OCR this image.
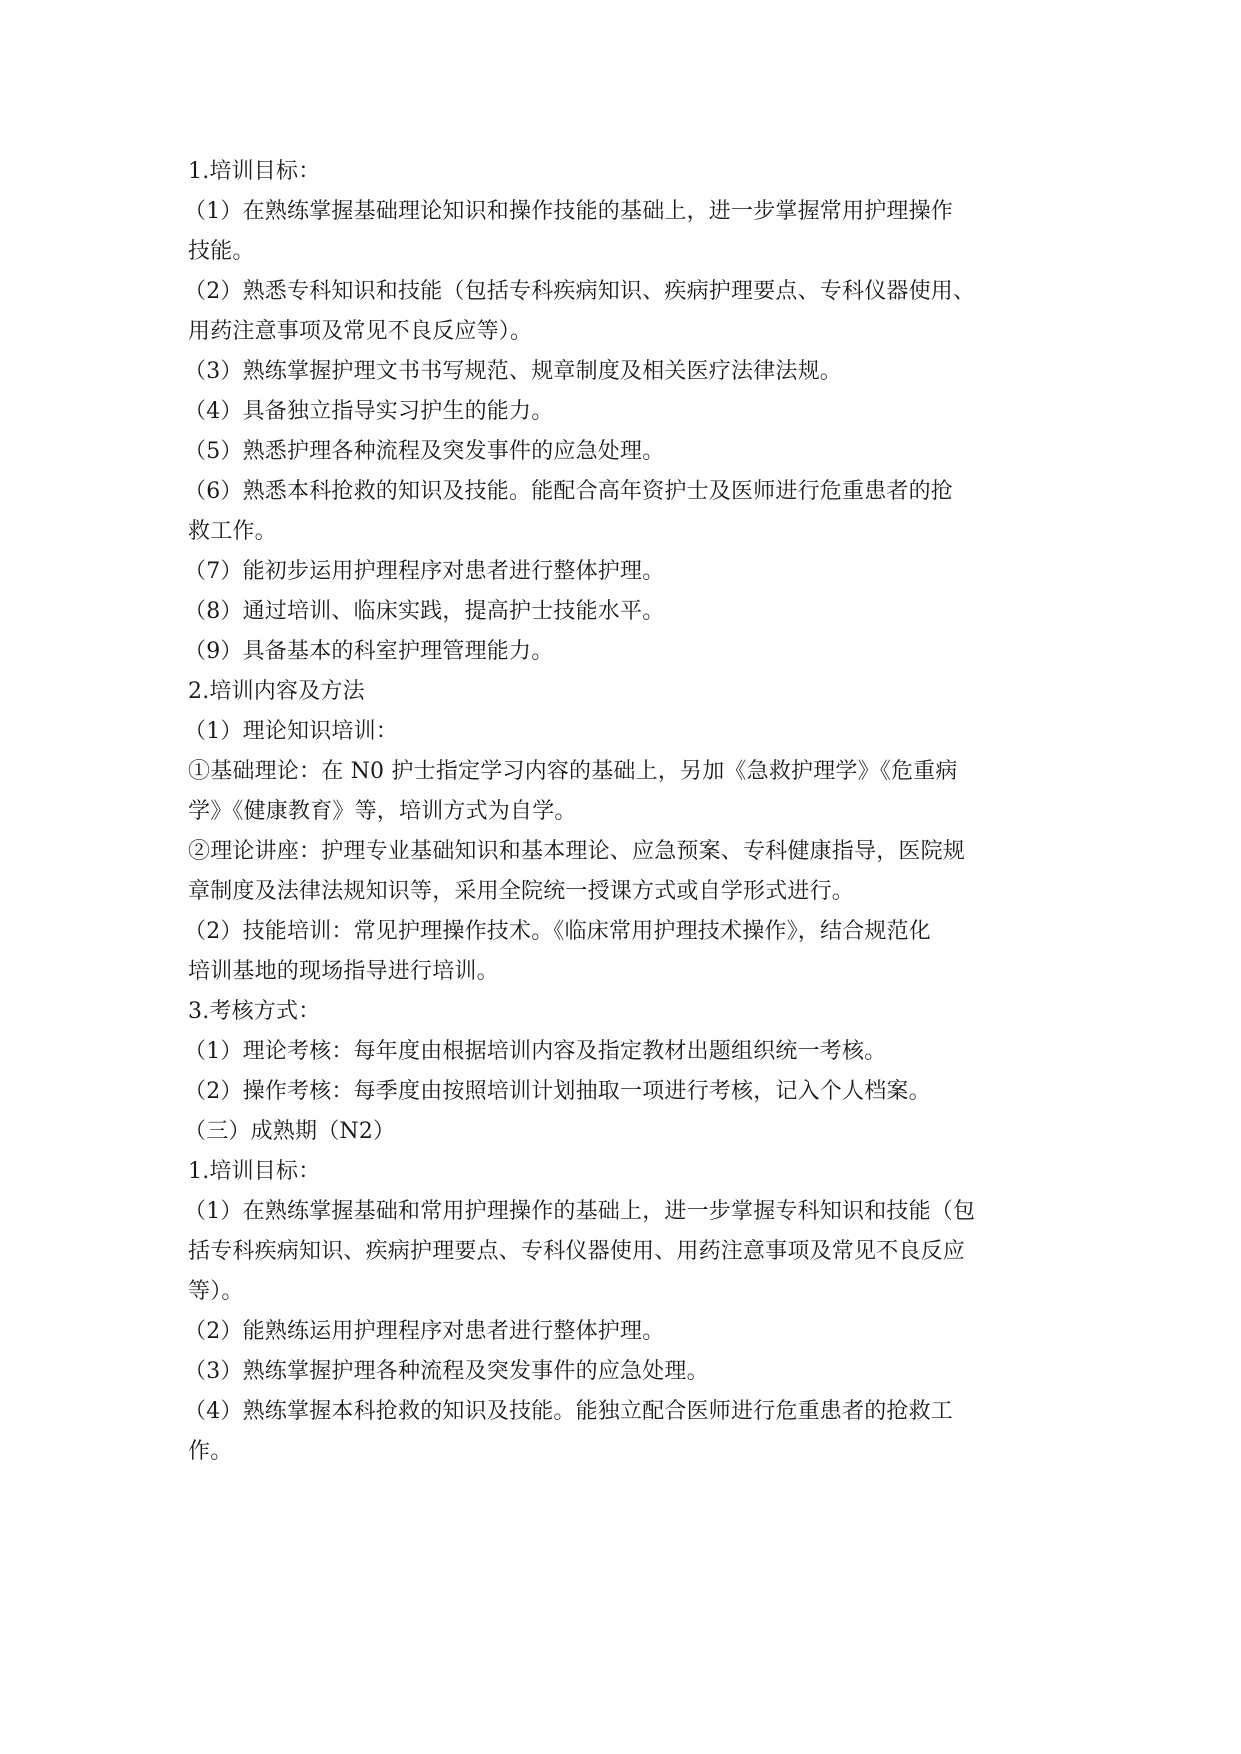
1.培训目标：

（1）在熟练掌握基础理论知识和操作技能的基础上，进一步掌握常用护理操作

技能。

（2）熟悉专科知识和技能（包括专科疾病知识、疾病护理要点、专科仪器使用、

用药注意事项及常见不良反应等）。

（3）熟练掌握护理文书书写规范、规章制度及相关医疗法律法规。

（4）具备独立指导实习护生的能力。

（5）熟悉护理各种流程及突发事件的应急处理。

（6）熟悉本科抢救的知识及技能。能配合高年资护士及医师进行危重患者的抢

救工作。

（7）能初步运用护理程序对患者进行整体护理。

（8）通过培训、临床实践，提高护士技能水平。

（9）具备基本的科室护理管理能力。

2.培训内容及方法

（1）理论知识培训：

①基础理论：在 N0 护士指定学习内容的基础上，另加《急救护理学》《危重病

学》《健康教育》等，培训方式为自学。

②理论讲座：护理专业基础知识和基本理论、应急预案、专科健康指导，医院规

章制度及法律法规知识等，采用全院统一授课方式或自学形式进行。

（2）技能培训：常见护理操作技术。《临床常用护理技术操作》，结合规范化

培训基地的现场指导进行培训。

3.考核方式：

（1）理论考核：每年度由根据培训内容及指定教材出题组织统一考核。

（2）操作考核：每季度由按照培训计划抽取一项进行考核，记入个人档案。

（三）成熟期（N2）

1.培训目标：

（1）在熟练掌握基础和常用护理操作的基础上，进一步掌握专科知识和技能（包

括专科疾病知识、疾病护理要点、专科仪器使用、用药注意事项及常见不良反应

等）。

（2）能熟练运用护理程序对患者进行整体护理。

（3）熟练掌握护理各种流程及突发事件的应急处理。

（4）熟练掌握本科抢救的知识及技能。能独立配合医师进行危重患者的抢救工

作。
